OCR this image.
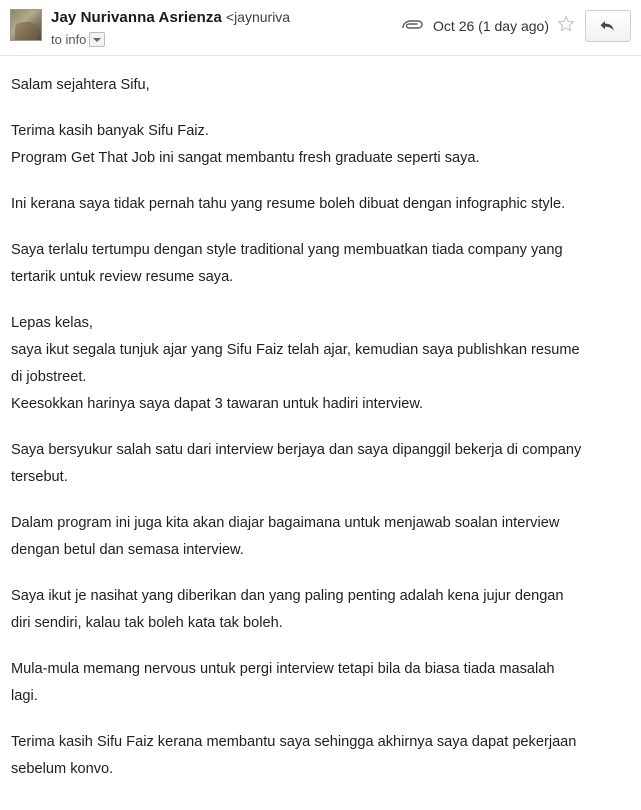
Jay Nurivanna Asrienza <jaynuriva
to info
Oct 26 (1 day ago)

Salam sejahtera Sifu,

Terima kasih banyak Sifu Faiz.
Program Get That Job ini sangat membantu fresh graduate seperti saya.

Ini kerana saya tidak pernah tahu yang resume boleh dibuat dengan infographic style.

Saya terlalu tertumpu dengan style traditional yang membuatkan tiada company yang
tertarik untuk review resume saya.

Lepas kelas,
saya ikut segala tunjuk ajar yang Sifu Faiz telah ajar, kemudian saya publishkan resume
di jobstreet.
Keesokkan harinya saya dapat 3 tawaran untuk hadiri interview.

Saya bersyukur salah satu dari interview berjaya dan saya dipanggil bekerja di company
tersebut.

Dalam program ini juga kita akan diajar bagaimana untuk menjawab soalan interview
dengan betul dan semasa interview.

Saya ikut je nasihat yang diberikan dan yang paling penting adalah kena jujur dengan
diri sendiri, kalau tak boleh kata tak boleh.

Mula-mula memang nervous untuk pergi interview tetapi bila da biasa tiada masalah
lagi.

Terima kasih Sifu Faiz kerana membantu saya sehingga akhirnya saya dapat pekerjaan
sebelum konvo.
